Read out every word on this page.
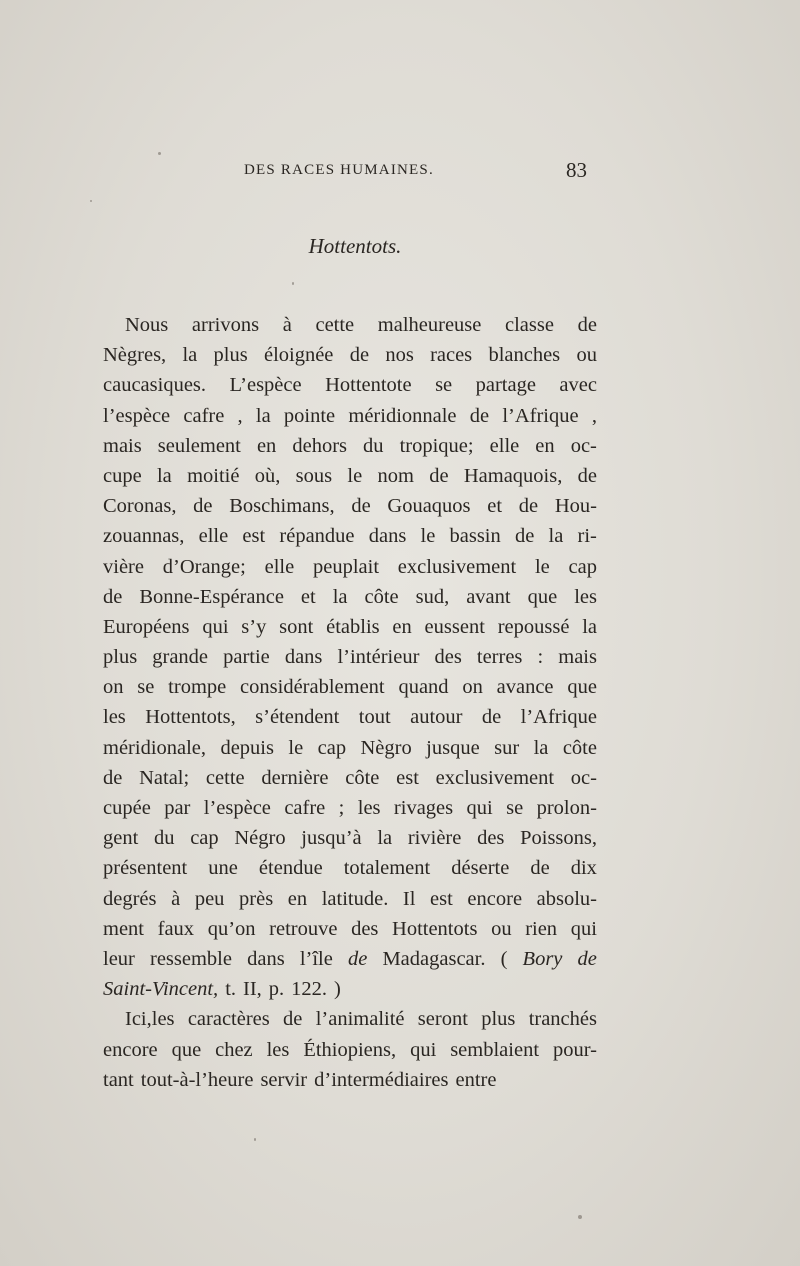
DES RACES HUMAINES.	83
Hottentots.
Nous arrivons à cette malheureuse classe de
Nègres, la plus éloignée de nos races blanches ou
caucasiques. L’espèce Hottentote se partage avec
l’espèce cafre , la pointe méridionnale de l’Afrique ,
mais seulement en dehors du tropique; elle en oc-
cupe la moitié où, sous le nom de Hamaquois, de
Coronas, de Boschimans, de Gouaquos et de Hou-
zouannas, elle est répandue dans le bassin de la ri-
vière d’Orange; elle peuplait exclusivement le cap
de Bonne-Espérance et la côte sud, avant que les
Européens qui s’y sont établis en eussent repoussé la
plus grande partie dans l’intérieur des terres : mais
on se trompe considérablement quand on avance que
les Hottentots, s’étendent tout autour de l’Afrique
méridionale, depuis le cap Nègro jusque sur la côte
de Natal; cette dernière côte est exclusivement oc-
cupée par l’espèce cafre ; les rivages qui se prolon-
gent du cap Négro jusqu’à la rivière des Poissons,
présentent une étendue totalement déserte de dix
degrés à peu près en latitude. Il est encore absolu-
ment faux qu’on retrouve des Hottentots ou rien qui
leur ressemble dans l’île de Madagascar. ( Bory de
Saint-Vincent, t. II, p. 122. )
Ici,les caractères de l’animalité seront plus tranchés
encore que chez les Éthiopiens, qui semblaient pour-
tant tout-à-l’heure servir d’intermédiaires entre
